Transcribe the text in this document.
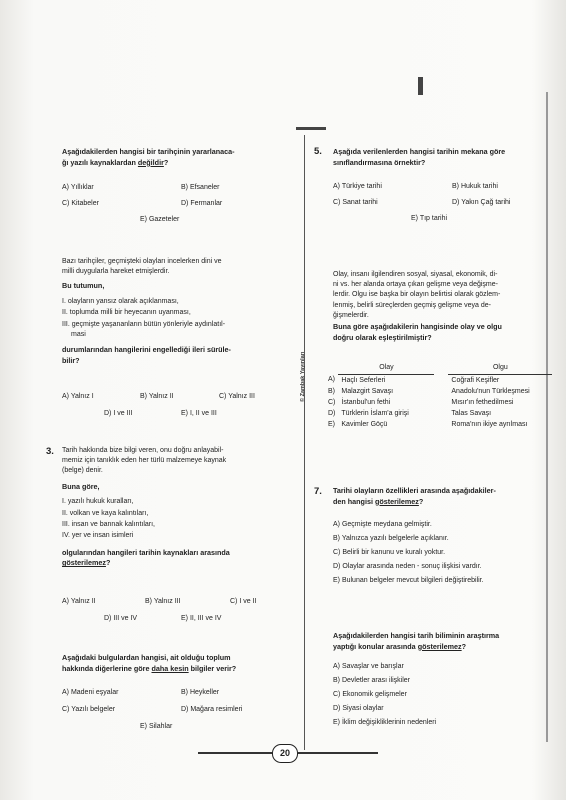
© Zambak Yayınları
Aşağıdakilerden hangisi bir tarihçinin yararlanaca-
ğı yazılı kaynaklardan değildir?
A) Yıllıklar	B) Efsaneler
C) Kitabeler	D) Fermanlar
E) Gazeteler
Bazı tarihçiler, geçmişteki olayları incelerken dini ve
milli duygularla hareket etmişlerdir.
Bu tutumun,
I. olayların yansız olarak açıklanması,
II. toplumda milli bir heyecanın uyanması,
III. geçmişte yaşananların bütün yönleriyle aydınlatıl-
masi
durumlarından hangilerini engellediği ileri sürüle-
bilir?
A) Yalnız I	B) Yalnız II	C) Yalnız III
D) I ve III	E) I, II ve III
3. Tarih hakkında bize bilgi veren, onu doğru anlayabil-
memiz için tanıklık eden her türlü malzemeye kaynak
(belge) denir.
Buna göre,
I. yazılı hukuk kuralları,
II. volkan ve kaya kalıntıları,
III. insan ve bannak kalıntıları,
IV. yer ve insan isimleri
olgularından hangileri tarihin kaynakları arasında
gösterilemez?
A) Yalnız II	B) Yalnız III	C) I ve II
D) III ve IV	E) II, III ve IV
Aşağıdaki bulgulardan hangisi, ait olduğu toplum
hakkında diğerlerine göre daha kesin bilgiler verir?
A) Madeni eşyalar	B) Heykeller
C) Yazılı belgeler	D) Mağara resimleri
E) Silahlar
5. Aşağıda verilenlerden hangisi tarihin mekana göre
sınıflandırmasına örnektir?
A) Türkiye tarihi	B) Hukuk tarihi
C) Sanat tarihi	D) Yakın Çağ tarihi
E) Tıp tarihi
Olay, insanı ilgilendiren sosyal, siyasal, ekonomik, di-
ni vs. her alanda ortaya çıkan gelişme veya değişme-
lerdir. Olgu ise başka bir olayın belirtisi olarak gözlem-
lenmiş, belirli süreçlerden geçmiş gelişme veya de-
ğişmelerdir.
Buna göre aşağıdakilerin hangisinde olay ve olgu
doğru olarak eşleştirilmiştir?
	Olay		Olgu
A)	Haçlı Seferleri		Coğrafi Keşifler
B)	Malazgirt Savaşı		Anadolu'nun Türkleşmesi
C)	İstanbul'un fethi		Mısır'ın fethedilmesi
D)	Türklerin İslam'a girişi		Talas Savaşı
E)	Kavimler Göçü		Roma'nın ikiye ayrılması
7. Tarihi olayların özellikleri arasında aşağıdakiler-
den hangisi gösterilemez?
A) Geçmişte meydana gelmiştir.
B) Yalnızca yazılı belgelerle açıklanır.
C) Belirli bir kanunu ve kuralı yoktur.
D) Olaylar arasında neden - sonuç ilişkisi vardır.
E) Bulunan belgeler mevcut bilgileri değiştirebilir.
Aşağıdakilerden hangisi tarih biliminin araştırma
yaptığı konular arasında gösterilemez?
A) Savaşlar ve barışlar
B) Devletler arası ilişkiler
C) Ekonomik gelişmeler
D) Siyasi olaylar
E) İklim değişikliklerinin nedenleri
20
